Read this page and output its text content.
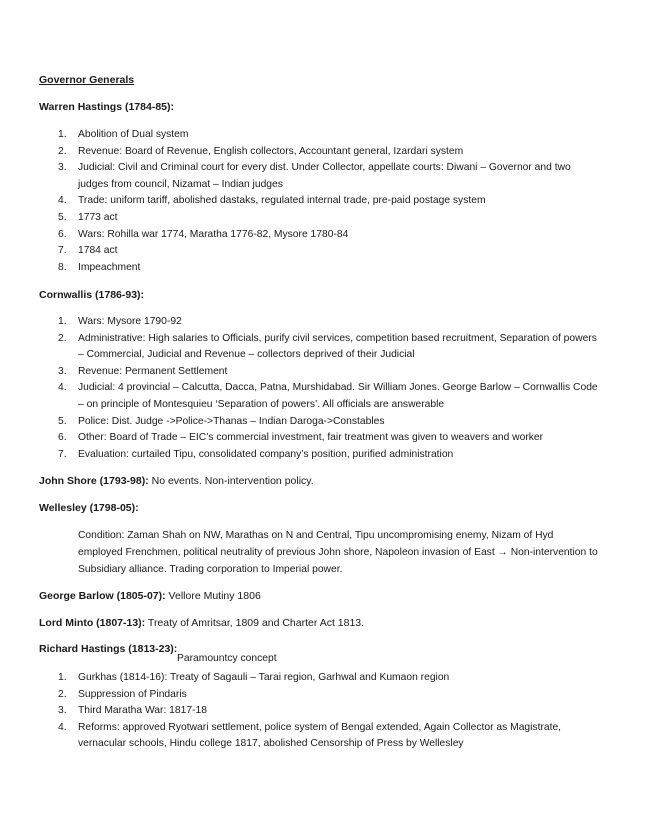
Governor Generals
Warren Hastings (1784-85):
1. Abolition of Dual system
2. Revenue: Board of Revenue, English collectors, Accountant general, Izardari system
3. Judicial: Civil and Criminal court for every dist. Under Collector, appellate courts: Diwani – Governor and two judges from council, Nizamat – Indian judges
4. Trade: uniform tariff, abolished dastaks, regulated internal trade, pre-paid postage system
5. 1773 act
6. Wars: Rohilla war 1774, Maratha 1776-82, Mysore 1780-84
7. 1784 act
8. Impeachment
Cornwallis (1786-93):
1. Wars: Mysore 1790-92
2. Administrative: High salaries to Officials, purify civil services, competition based recruitment, Separation of powers – Commercial, Judicial and Revenue – collectors deprived of their Judicial
3. Revenue: Permanent Settlement
4. Judicial: 4 provincial – Calcutta, Dacca, Patna, Murshidabad. Sir William Jones. George Barlow – Cornwallis Code – on principle of Montesquieu ‘Separation of powers’. All officials are answerable
5. Police: Dist. Judge ->Police->Thanas – Indian Daroga->Constables
6. Other: Board of Trade – EIC’s commercial investment, fair treatment was given to weavers and worker
7. Evaluation: curtailed Tipu, consolidated company’s position, purified administration
John Shore (1793-98): No events. Non-intervention policy.
Wellesley (1798-05):
Condition: Zaman Shah on NW, Marathas on N and Central, Tipu uncompromising enemy, Nizam of Hyd employed Frenchmen, political neutrality of previous John shore, Napoleon invasion of East → Non-intervention to Subsidiary alliance. Trading corporation to Imperial power.
George Barlow (1805-07): Vellore Mutiny 1806
Lord Minto (1807-13): Treaty of Amritsar, 1809 and Charter Act 1813.
Richard Hastings (1813-23):
Paramountcy concept
1. Gurkhas (1814-16): Treaty of Sagauli – Tarai region, Garhwal and Kumaon region
2. Suppression of Pindaris
3. Third Maratha War: 1817-18
4. Reforms: approved Ryotwari settlement, police system of Bengal extended, Again Collector as Magistrate, vernacular schools, Hindu college 1817, abolished Censorship of Press by Wellesley
